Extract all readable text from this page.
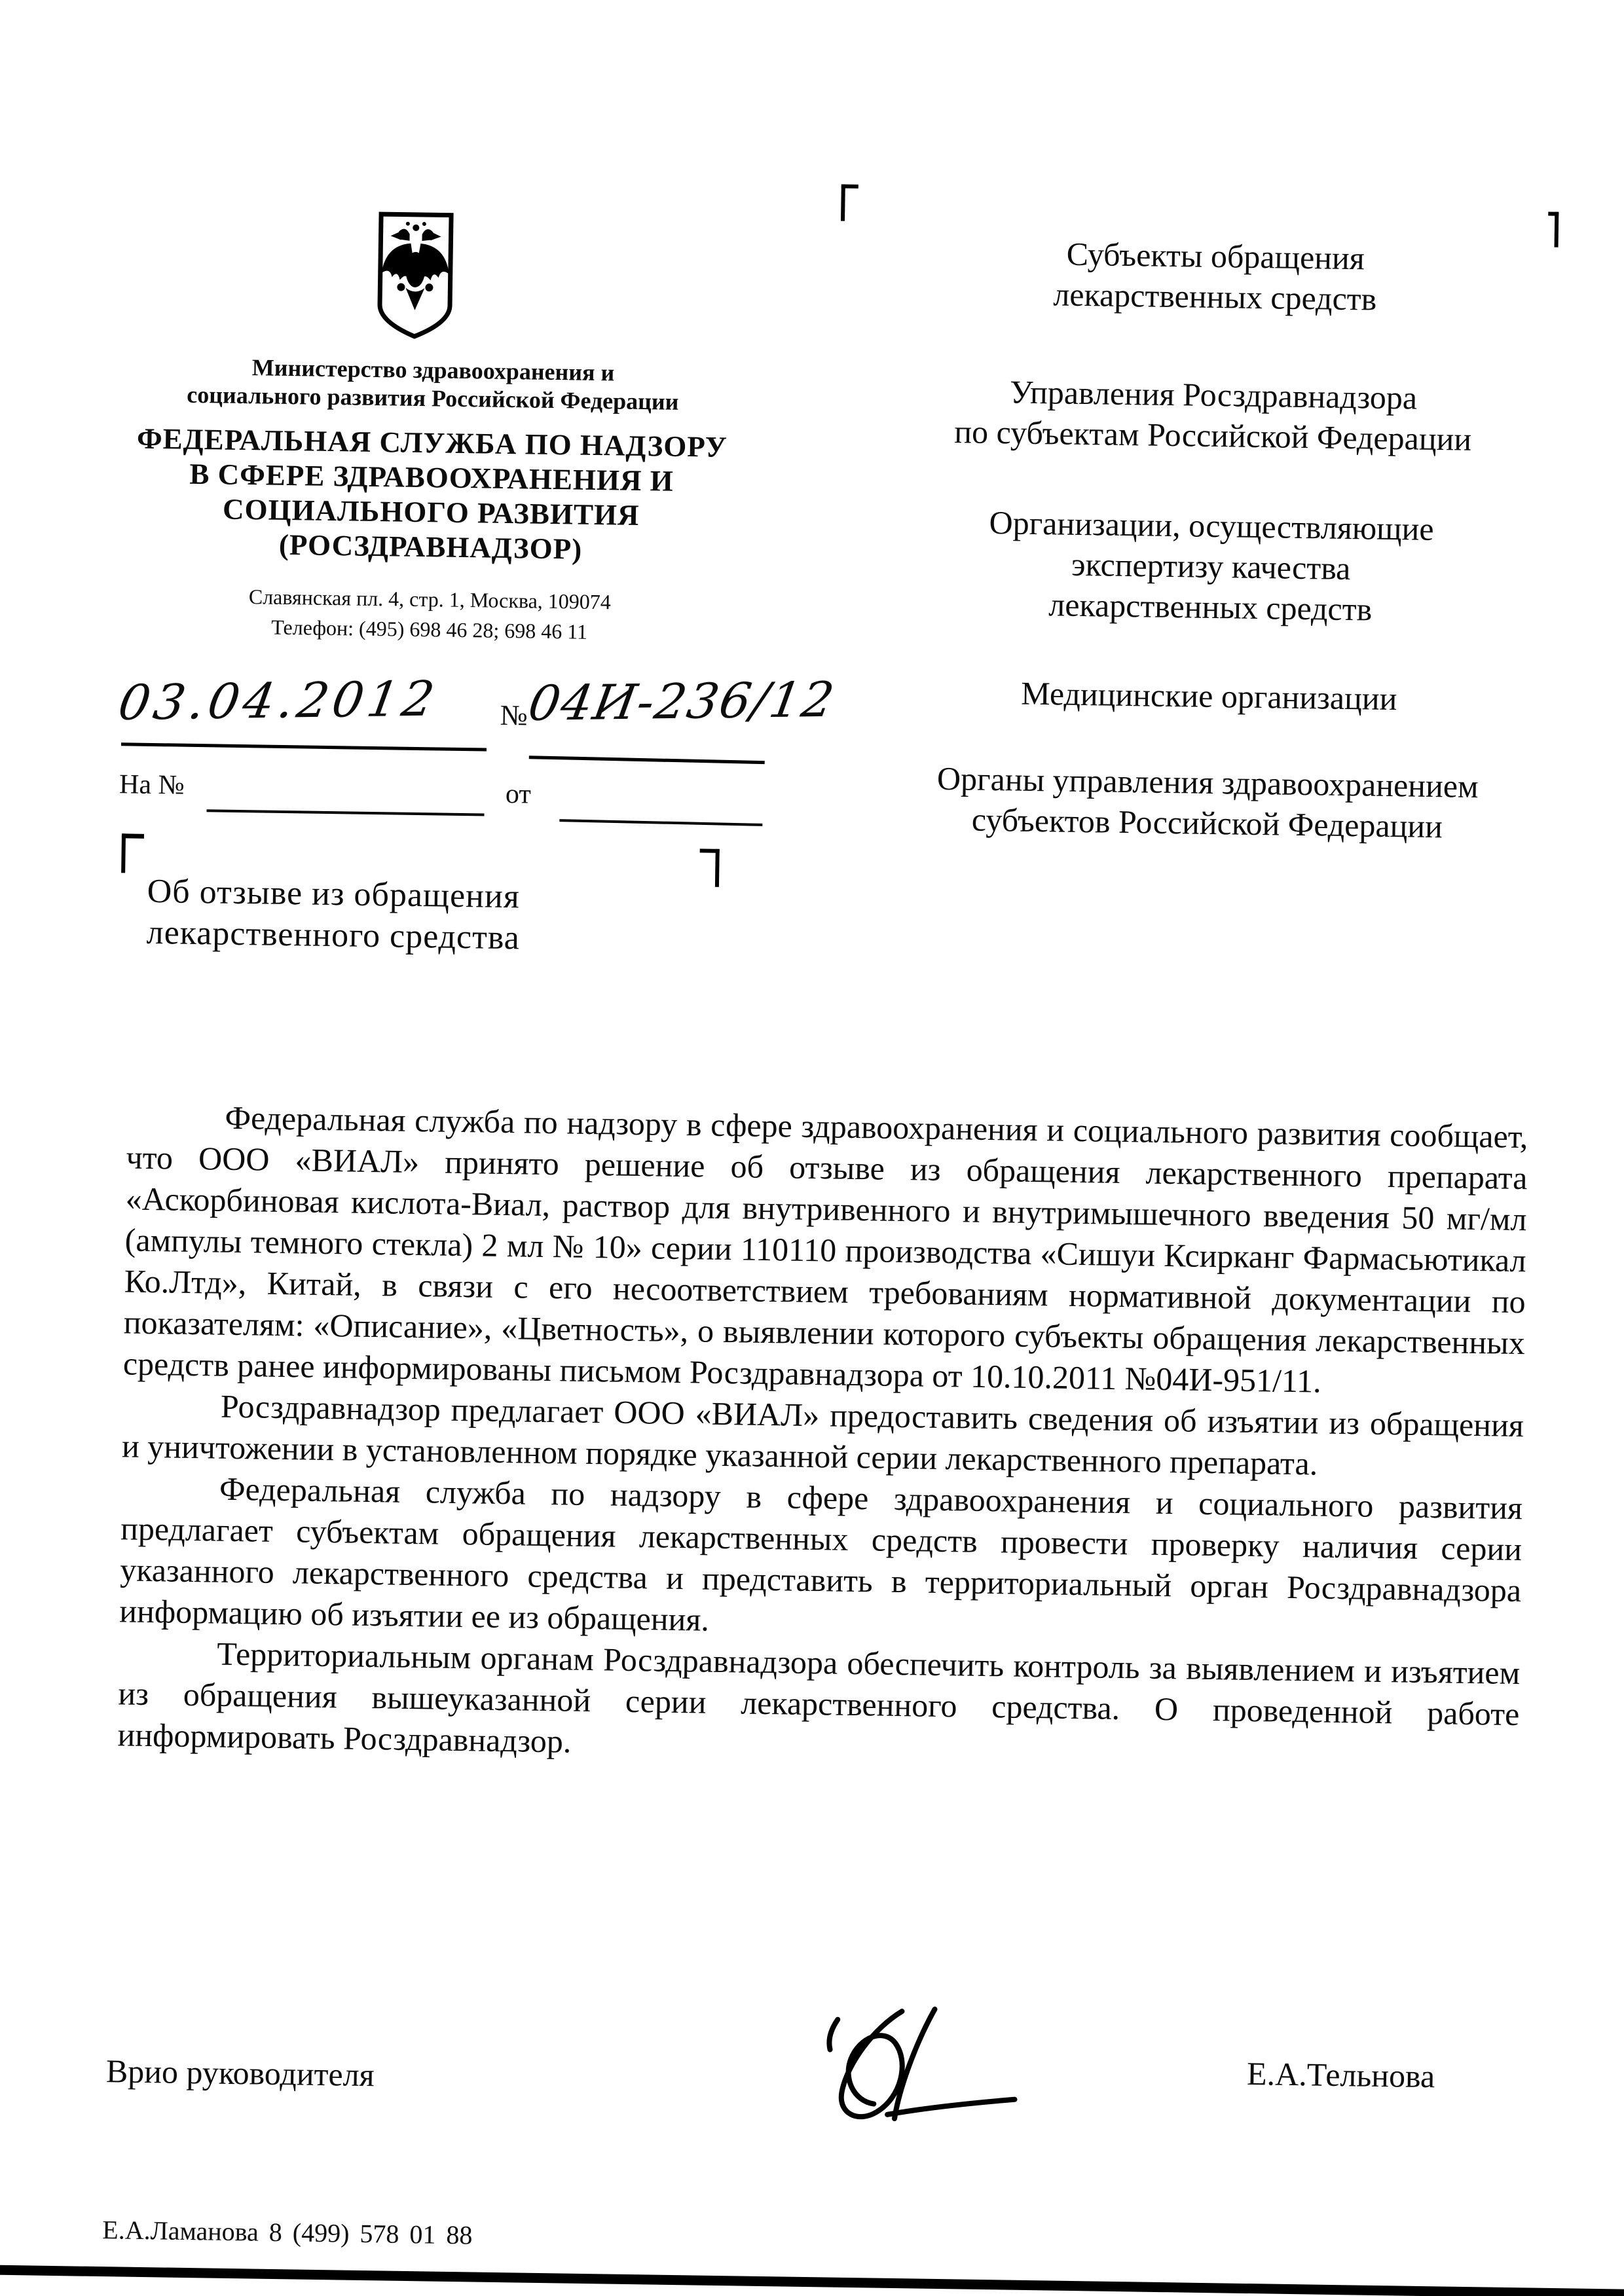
Министерство здравоохранения и
социального развития Российской Федерации
ФЕДЕРАЛЬНАЯ СЛУЖБА ПО НАДЗОРУ
В СФЕРЕ ЗДРАВООХРАНЕНИЯ И
СОЦИАЛЬНОГО РАЗВИТИЯ
(РОСЗДРАВНАДЗОР)
Славянская пл. 4, стр. 1, Москва, 109074
Телефон: (495) 698 46 28; 698 46 11
03.04.2012 №
04И-236/12
На №	от
Об отзыве из обращения
лекарственного средства
Субъекты обращения
лекарственных средств
Управления Росздравнадзора
по субъектам Российской Федерации
Организации, осуществляющие
экспертизу качества
лекарственных средств
Медицинские организации
Органы управления здравоохранением
субъектов Российской Федерации

Федеральная служба по надзору в сфере здравоохранения и социального развития сообщает, что ООО «ВИАЛ» принято решение об отзыве из обращения лекарственного препарата «Аскорбиновая кислота-Виал, раствор для внутривенного и внутримышечного введения 50 мг/мл (ампулы темного стекла) 2 мл № 10» серии 110110 производства «Сишуи Ксирканг Фармасьютикал Ко.Лтд», Китай, в связи с его несоответствием требованиям нормативной документации по показателям: «Описание», «Цветность», о выявлении которого субъекты обращения лекарственных средств ранее информированы письмом Росздравнадзора от 10.10.2011 №04И-951/11.

Росздравнадзор предлагает ООО «ВИАЛ» предоставить сведения об изъятии из обращения и уничтожении в установленном порядке указанной серии лекарственного препарата.

Федеральная служба по надзору в сфере здравоохранения и социального развития предлагает субъектам обращения лекарственных средств провести проверку наличия серии указанного лекарственного средства и представить в территориальный орган Росздравнадзора информацию об изъятии ее из обращения.

Территориальным органам Росздравнадзора обеспечить контроль за выявлением и изъятием из обращения вышеуказанной серии лекарственного средства. О проведенной работе информировать Росздравнадзор.

Врио руководителя	Е.А.Тельнова
Е.А.Ламанова 8 (499) 578 01 88
